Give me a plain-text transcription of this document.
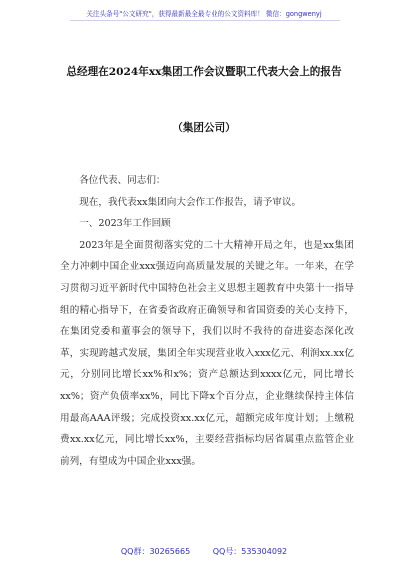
关注头条号"公文研究"，获得最新最全最专业的公文资料库！ 微信：gongwenyj
总经理在2024年xx集团工作会议暨职工代表大会上的报告
（集团公司）

各位代表、同志们：

现在，我代表xx集团向大会作工作报告，请予审议。

一、2023年工作回顾

2023年是全面贯彻落实党的二十大精神开局之年，也是xx集团全力冲刺中国企业xxx强迈向高质量发展的关键之年。一年来，在学习贯彻习近平新时代中国特色社会主义思想主题教育中央第十一指导组的精心指导下，在省委省政府正确领导和省国资委的关心支持下，在集团党委和董事会的领导下，我们以时不我待的奋进姿态深化改革，实现跨越式发展，集团全年实现营业收入xxx亿元、利润xx.xx亿元，分别同比增长xx%和x%；资产总额达到xxxx亿元，同比增长xx%；资产负债率xx%，同比下降x个百分点，企业继续保持主体信用最高AAA评级；完成投资xx.xx亿元，超额完成年度计划；上缴税费xx.xx亿元，同比增长xx%，主要经营指标均居省属重点监管企业前列，有望成为中国企业xxx强。

QQ群：30265665	QQ号：535304092
